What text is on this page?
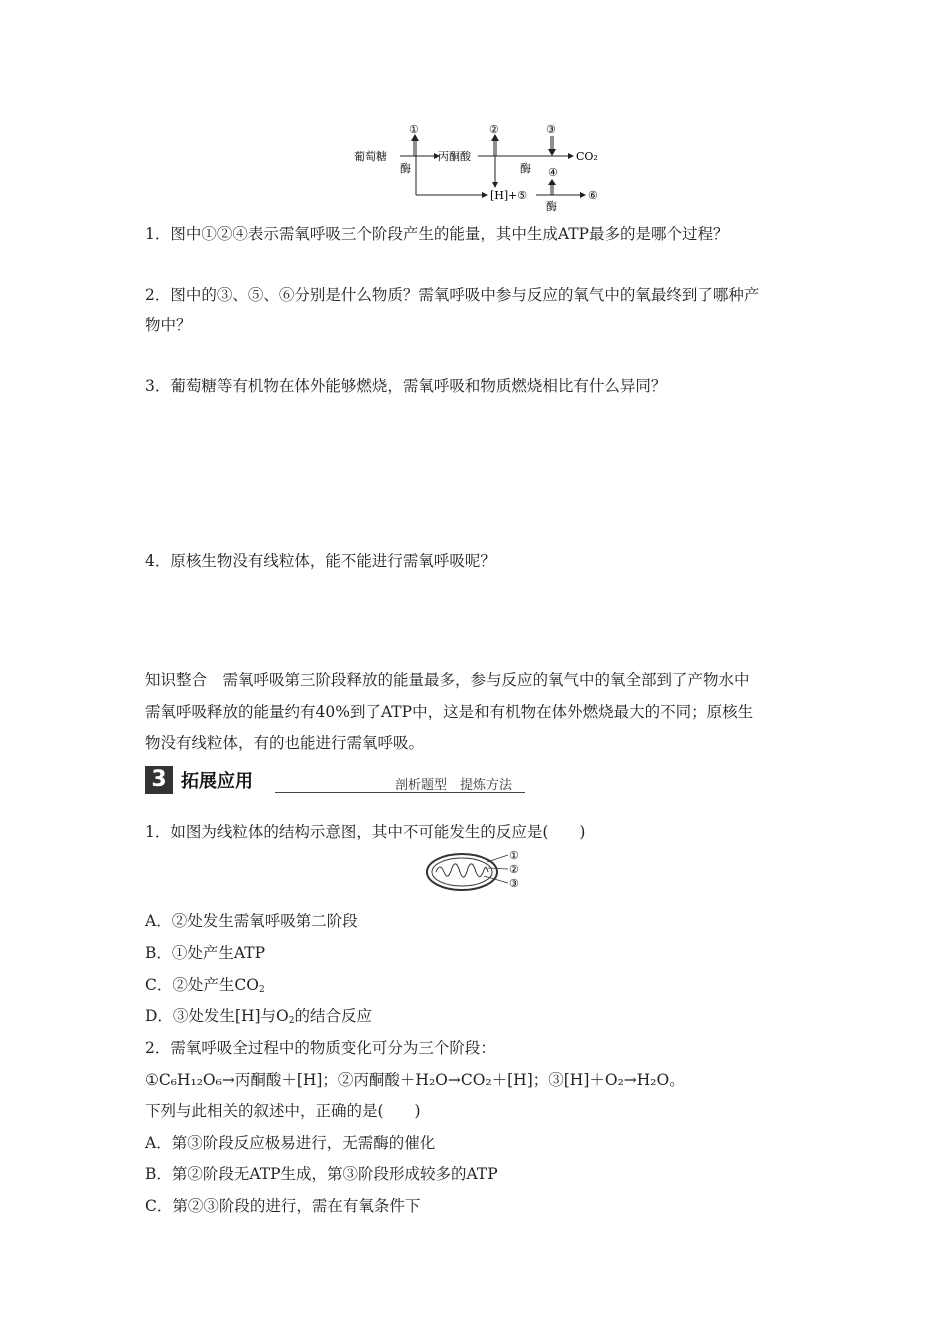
葡萄糖
酶
①
丙酮酸	CO₂
②
酶
③
[H] +⑤
④
⑥
酶
1．图中①②④表示需氧呼吸三个阶段产生的能量，其中生成ATP最多的是哪个过程？
2．图中的③、⑤、⑥分别是什么物质？需氧呼吸中参与反应的氧气中的氧最终到了哪种产
物中？
3．葡萄糖等有机物在体外能够燃烧，需氧呼吸和物质燃烧相比有什么异同？
4．原核生物没有线粒体，能不能进行需氧呼吸呢？
知识整合　需氧呼吸第三阶段释放的能量最多，参与反应的氧气中的氧全部到了产物水中
需氧呼吸释放的能量约有40%到了ATP中，这是和有机物在体外燃烧最大的不同；原核生
物没有线粒体，有的也能进行需氧呼吸。
3 拓展应用	剖析题型　提炼方法
1．如图为线粒体的结构示意图，其中不可能发生的反应是(　　)
①
②
③
A．②处发生需氧呼吸第二阶段
B．①处产生ATP
C．②处产生$CO_2$
D．③处发生[H]与$O_2$的结合反应
2．需氧呼吸全过程中的物质变化可分为三个阶段：
①C₆H₁₂O₆→丙酮酸＋[H]；②丙酮酸＋H₂O→CO₂＋[H]；③[H]＋O₂→H₂O。
下列与此相关的叙述中，正确的是(　　)
A．第③阶段反应极易进行，无需酶的催化
B．第②阶段无ATP生成，第③阶段形成较多的ATP
C．第②③阶段的进行，需在有氧条件下
